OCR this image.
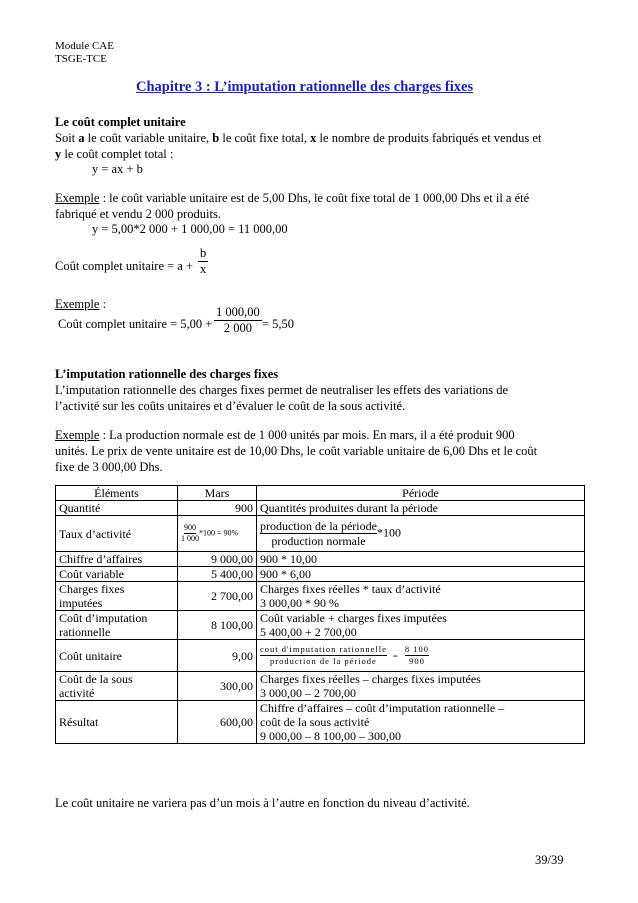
Module CAE
TSGE-TCE
Chapitre 3 : L’imputation rationnelle des charges fixes
Le coût complet unitaire
Soit a le coût variable unitaire, b le coût fixe total, x le nombre de produits fabriqués et vendus et
y le coût complet total :
y = ax + b
Exemple : le coût variable unitaire est de 5,00 Dhs, le coût fixe total de 1 000,00 Dhs et il a été
fabriqué et vendu 2 000 produits.
y = 5,00*2 000 + 1 000,00 = 11 000,00
Coût complet unitaire = $a + \frac{b}{x}$
Exemple :
Coût complet unitaire = $5,00 + \frac{1 000,00}{2 000} = 5,50$
L’imputation rationnelle des charges fixes
L’imputation rationnelle des charges fixes permet de neutraliser les effets des variations de
l’activité sur les coûts unitaires et d’évaluer le coût de la sous activité.
Exemple : La production normale est de 1 000 unités par mois. En mars, il a été produit 900
unités. Le prix de vente unitaire est de 10,00 Dhs, le coût variable unitaire de 6,00 Dhs et le coût
fixe de 3 000,00 Dhs.
Éléments	Mars	Période
Quantité	900	Quantités produites durant la période
Taux d’activité	$\frac{900}{1 000} *100 = 90\%$	production de la période
production normale
*100
Chiffre d’affaires	9 000,00	900 * 10,00
Coût variable	5 400,00	900 * 6,00
Charges fixes
imputées	2 700,00	Charges fixes réelles * taux d’activité
3 000,00 * 90 %
Coût d’imputation
rationnelle	8 100,00	Coût variable + charges fixes imputées
5 400,00 + 2 700,00
Coût unitaire	9,00	cout d'imputation rationnelle
production de la période
= $\frac{8 100}{900}$

Coût de la sous
activité	300,00	Charges fixes réelles – charges fixes imputées
3 000,00 – 2 700,00
Résultat	600,00	Chiffre d’affaires – coût d’imputation rationnelle –
coût de la sous activité
9 000,00 – 8 100,00 – 300,00
Le coût unitaire ne variera pas d’un mois à l’autre en fonction du niveau d’activité.
39/39
